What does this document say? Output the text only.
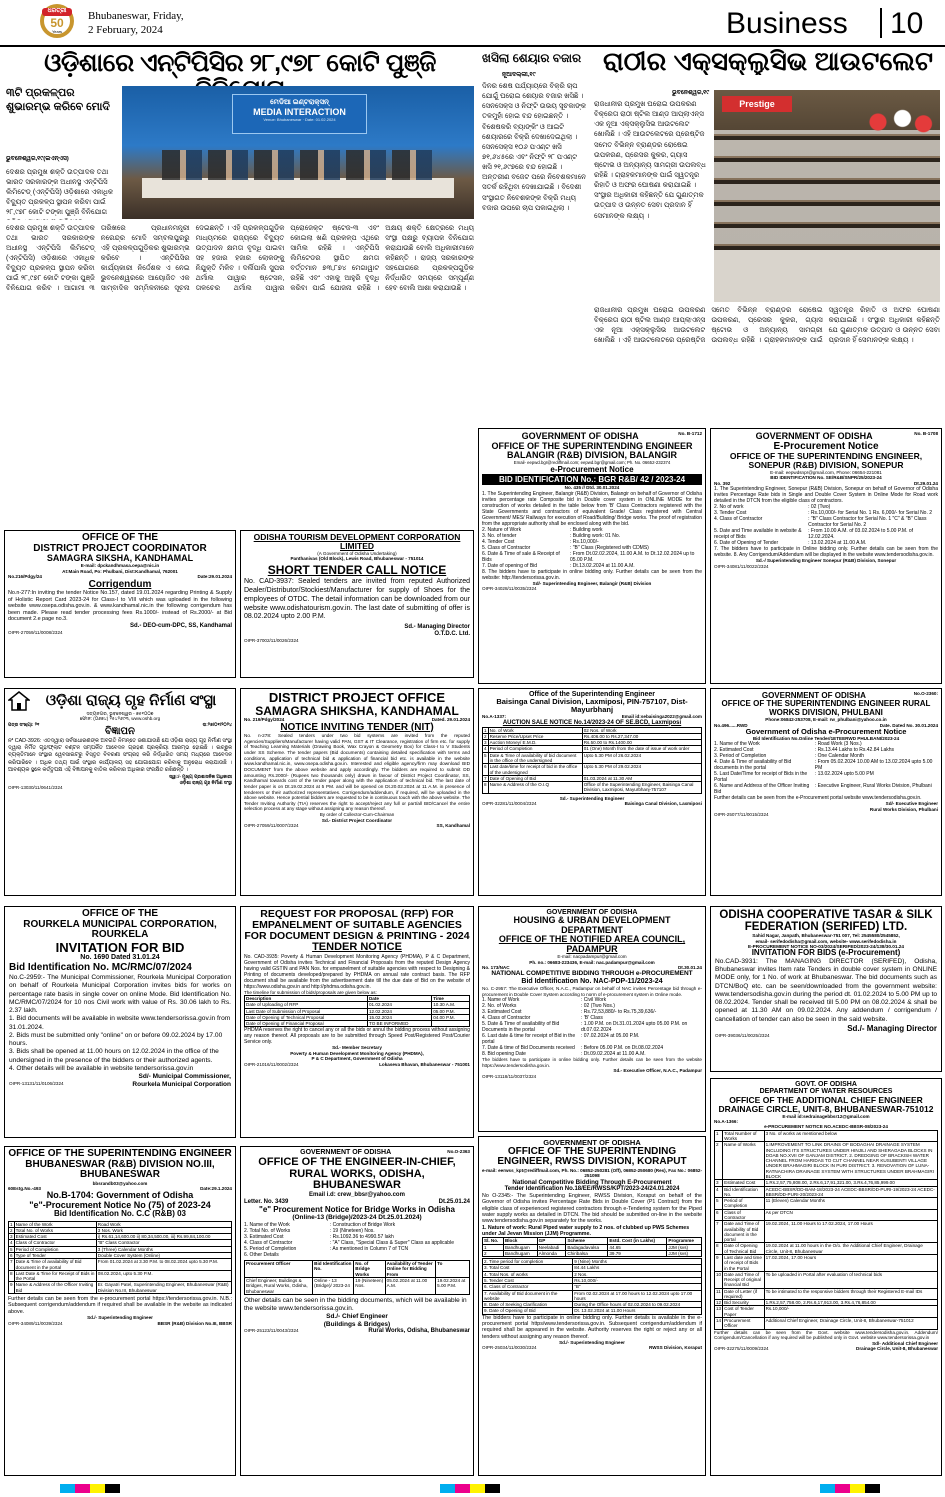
ଧରିତ୍ରୀ
50
Years
Bhubaneswar, Friday,
2 February, 2024	Business	10
ଓଡ଼ିଶାରେ ଏନ୍‌ଟିପିସିର ୨୮,୯୭୮ କୋଟି ପୁଞ୍ଜି
୩ଟି ପ୍ରକଳ୍ପର ଶୁଭାରମ୍ଭ କରିବେ ମୋଦି
ଭୁବନେଶ୍ୱର,୧୯(ଇଏନ୍‌ଏସ)
ମେଡିଆ ଇଣ୍ଟରାକ୍ସନ୍
MEDIA INTERACTION
Venue: Bhubaneswar · Date: 01.02.2024
ଦେଶର ପ୍ରମୁଖ ଶକ୍ତି ଉତ୍ପାଦକ ତଥା ଭାରତ ସରକାରଙ୍କ ଅଧୀନସ୍ଥ ଏନ୍‌ଟିପିସି ଲିମିଟେଡ୍ (ଏନ୍‌ଟିପିସି) ଓଡ଼ିଶାରେ ଏକାଧିକ ବିଦ୍ୟୁତ ପ୍ରକଳ୍ପ ସ୍ଥାପନ କରିବା ପାଇଁ ୨୮,୯୭୮ କୋଟି ଟଙ୍କା ପୁଞ୍ଜି ବିନିଯୋଗ କରିବ । ଆଗାମୀ ୩ ତାରିଖରେ ପ୍ରଧାନମନ୍ତ୍ରୀ ନରେନ୍ଦ୍ର ମୋଦି ସମ୍ବଲପୁରରୁ ଏହି ପ୍ରକଳ୍ପଗୁଡ଼ିକର ଶୁଭାରମ୍ଭ କରିବେ । ଏନ୍‌ଟିପିସିର କାର୍ଯ୍ୟକାରୀ ନିର୍ଦ୍ଦେଶକ ଏ ନେଇ ଭୁବନେଶ୍ୱରରେ ଆୟୋଜିତ ଏକ ସାମ୍ବାଦିକ ସମ୍ମିଳନୀରେ ସୂଚନା ଦେଇଛନ୍ତି । ଏହି ପ୍ରକଳ୍ପଗୁଡ଼ିକ ମାଧ୍ୟମରେ ରାଜ୍ୟରେ ବିଦ୍ୟୁତ ଉତ୍ପାଦନ କ୍ଷମତା ବୃଦ୍ଧି ପାଇବା ସହ ହଜାର ହଜାର ଲୋକଙ୍କୁ ନିଯୁକ୍ତି ମିଳିବ । ଦର୍ଲିପାଲି ସୁପର ଥର୍ମାଲ ପାୱାର ଷ୍ଟେସନ, ତାଳଚେର ଥର୍ମାଲ ପାୱାର ପ୍ରୋଜେକ୍ଟ ଷ୍ଟେଜ-୩ ଏବଂ କୋଇଲା ଖଣି ପ୍ରକଳ୍ପ ଏଥିରେ ସାମିଲ ରହିଛି । ଏନ୍‌ଟିପିସି ଲିମିଟେଡର ସ୍ଥାପିତ କ୍ଷମତା ବର୍ତ୍ତମାନ ୭୩,୮୭୪ ମେଗାୱାଟ ରହିଛି ଏବଂ ଏହାକୁ ଆହୁରି ବୃଦ୍ଧି କରିବା ପାଇଁ ଯୋଜନା ରହିଛି । ଅକ୍ଷୟ ଶକ୍ତି କ୍ଷେତ୍ରରେ ମଧ୍ୟ ସଂସ୍ଥା ପକ୍ଷରୁ ବ୍ୟାପକ ବିନିଯୋଗ କରାଯାଉଛି ବୋଲି ଅଧିକାରୀମାନେ କହିଛନ୍ତି । ରାଜ୍ୟ ସରକାରଙ୍କ ସହଯୋଗରେ ପ୍ରକଳ୍ପଗୁଡ଼ିକ ନିର୍ଦ୍ଧାରିତ ସମୟରେ ସମ୍ପୂର୍ଣ୍ଣ ହେବ ବୋଲି ଆଶା କରାଯାଉଛି ।
ଦେଶର ପ୍ରମୁଖ ଶକ୍ତି ଉତ୍ପାଦକ ତଥା ଭାରତ ସରକାରଙ୍କ ଅଧୀନସ୍ଥ ଏନ୍‌ଟିପିସି ଲିମିଟେଡ୍ (ଏନ୍‌ଟିପିସି) ଓଡ଼ିଶାରେ ଏକାଧିକ ବିଦ୍ୟୁତ ପ୍ରକଳ୍ପ ସ୍ଥାପନ କରିବା ପାଇଁ ୨୮,୯୭୮ କୋଟି ଟଙ୍କା ପୁଞ୍ଜି ବିନିଯୋଗ
ଖସିଲା ଶେୟାର ବଜାର
ନୂଆଦିଲ୍ଲୀ,୧୯
ଦିନର ଶେଷ ପର୍ଯ୍ୟାୟରେ ବିକ୍ରି ଚାପ ଯୋଗୁଁ ଘରୋଇ ଶେୟାର ବଜାର ଖସିଛି । ସେନସେକ୍ସ ଓ ନିଫ୍ଟି ଉଭୟ ସୂଚକାଙ୍କ ତଳମୁହାଁ ହୋଇ ବନ୍ଦ ହୋଇଛନ୍ତି । ବିଶେଷକରି ବ୍ୟାଙ୍କିଂ ଓ ଆଇଟି ଶେୟାରରେ ବିକ୍ରି ଦେଖାଦେଇଥିଲା । ସେନସେକ୍ସ ୧୦୬ ପଏଣ୍ଟ ଖସି ୭୧,୬୪୫ରେ ଏବଂ ନିଫ୍ଟି ୨୮ ପଏଣ୍ଟ ଖସି ୨୧,୬୯୭ରେ ବନ୍ଦ ହୋଇଛି । ଅନ୍ତରୀଣ ବଜେଟ ପରେ ନିବେଶକମାନେ ସତର୍କ ରହିଥିବା ଦେଖାଯାଇଛି । ବିଦେଶୀ ସଂସ୍ଥାଗତ ନିବେଶକଙ୍କ ବିକ୍ରି ମଧ୍ୟ ବଜାର ଉପରେ ଚାପ ପକାଇଥିଲା ।
ରାଠୀର ଏକ୍ସକ୍ଲୁସିଭ ଆଉଟଲେଟ
ଭୁବନେଶ୍ୱର,୧୯
Prestige
ରାଜଧାନୀର ପ୍ରମୁଖ ଘରୋଇ ଉପକରଣ ବିକ୍ରେତା ରାଠୀ ଷ୍ଟିଲ ଆଣ୍ଡ ଆପ୍ଲାଏନ୍ସ ଏକ ନୂଆ ଏକ୍ସକ୍ଲୁସିଭ ଆଉଟଲେଟ ଖୋଲିଛି । ଏହି ଆଉଟଲେଟରେ ପ୍ରେଷ୍ଟିଜ ସମେତ ବିଭିନ୍ନ ବ୍ରାଣ୍ଡର ରୋଷେଇ ଉପକରଣ, ପ୍ରେସର କୁକର, ଗ୍ୟାସ ଷ୍ଟୋଭ ଓ ଅନ୍ୟାନ୍ୟ ସାମଗ୍ରୀ ଉପଲବ୍ଧ ରହିଛି । ଗ୍ରାହକମାନଙ୍କ ପାଇଁ ସ୍ୱତନ୍ତ୍ର ରିହାତି ଓ ଅଫର ଘୋଷଣା କରାଯାଇଛି । ସଂସ୍ଥାର ଅଧିକାରୀ କହିଛନ୍ତି ଯେ ଗୁଣାତ୍ମକ ଉତ୍ପାଦ ଓ ଉନ୍ନତ ସେବା ପ୍ରଦାନ ହିଁ ସେମାନଙ୍କ ଲକ୍ଷ୍ୟ ।
ରାଜଧାନୀର ପ୍ରମୁଖ ଘରୋଇ ଉପକରଣ ବିକ୍ରେତା ରାଠୀ ଷ୍ଟିଲ ଆଣ୍ଡ ଆପ୍ଲାଏନ୍ସ ଏକ ନୂଆ ଏକ୍ସକ୍ଲୁସିଭ ଆଉଟଲେଟ ଖୋଲିଛି । ଏହି ଆଉଟଲେଟରେ ପ୍ରେଷ୍ଟିଜ ସମେତ ବିଭିନ୍ନ ବ୍ରାଣ୍ଡର ରୋଷେଇ ଉପକରଣ, ପ୍ରେସର କୁକର, ଗ୍ୟାସ ଷ୍ଟୋଭ ଓ ଅନ୍ୟାନ୍ୟ ସାମଗ୍ରୀ ଉପଲବ୍ଧ ରହିଛି । ଗ୍ରାହକମାନଙ୍କ ପାଇଁ ସ୍ୱତନ୍ତ୍ର ରିହାତି ଓ ଅଫର ଘୋଷଣା କରାଯାଇଛି । ସଂସ୍ଥାର ଅଧିକାରୀ କହିଛନ୍ତି ଯେ ଗୁଣାତ୍ମକ ଉତ୍ପାଦ ଓ ଉନ୍ନତ ସେବା ପ୍ରଦାନ ହିଁ ସେମାନଙ୍କ ଲକ୍ଷ୍ୟ ।
GOVERNMENT OF ODISHA	No. B-1712
OFFICE OF THE SUPERINTENDING ENGINEER
BALANGIR (R&B) DIVISION, BALANGIR
Email- eepwd.bgr@rediffmail.com; eepwd.bgr@gmail.com; Ph. No. 06652-232374
e-Procurement Notice
BID IDENTIFICATION No.: BGR R&B/ 42 / 2023-24
No. 435 // Dtd. 30.01.2024
1. The Superintending Engineer, Balangir (R&B) Division, Balangir on behalf of Governor of Odisha invites percentage rate Composite bid in Double cover system in ONLINE MODE for the construction of works detailed in the table below from 'B' Class Contractors registered with the State Governments and contractors of equivalent Grade/ Class registered with Central Government/ MES/ Railways for execution of Road/Building/ Bridge works. The proof of registration from the appropriate authority shall be enclosed along with the bid.
2. Nature of Work	: Building work
3. No. of tender	: Building work: 01 No.
4. Tender Cost	: Rs.10,000/-
5. Class of Contractor	: "B" Class (Registered with CDMS)
6. Date & Time of sale & Receipt of Bids
: From Dt.02.02.2024, 11.00 A.M. to Dt.12.02.2024 up to 05.00 P.M.
7. Date of opening of Bid	: Dt.13.02.2024 at 11.00 A.M.
8. The bidders have to participate in online bidding only. Further details can be seen from the website: http://tendersorissa.gov.in.
Sd/- Superintending Engineer, Balangir (R&B) Division
OIPR-34028/11/0035/2324
GOVERNMENT OF ODISHA	No. B-1708
E-Procurement Notice
OFFICE OF THE SUPERINTENDING ENGINEER, SONEPUR (R&B) DIVISION, SONEPUR
E-mail: eepwdsnpr@gmail.com, Phone: 06654-221081
BID IDENTIFICATION No. SE/R&B/SNPR/25/2023-24
No. 392	Dt.29.01.24
1. The Superintending Engineer, Sonepur (R&B) Division, Sonepur on behalf of Governor of Odisha invites Percentage Rate bids in Single and Double Cover System in Online Mode for Road work detailed in the DTCN from the eligible class of contractors.
2. No of work	: 02 (Two)
3. Tender Cost	: Rs.10,000/- for Serial No. 1 Rs. 6,000/- for Serial No. 2
4. Class of Contractor	: "B" Class Contractor for Serial No. 1 "C" & "B" Class Contractor for Serial No. 2
5. Date and Time available in website & receipt of Bids
: From 10.00 A.M. of 03.02.2024 to 5.00 P.M. of 12.02.2024.
6. Date of Opening of Tender	: 13.02.2024 at 11.00 A.M.
7. The bidders have to participate in Online bidding only. Further details can be seen from the website. 8. Any Corrigendum/Addendum will be displayed in the website www.tendersodisha.gov.in.
Sd.-/ Superintending Engineer Sonepur (R&B) Division, Sonepur
OIPR-34081/11/0022/2324
OFFICE OF THE
DISTRICT PROJECT COORDINATOR
SAMAGRA SIKSHA, KANDHAMAL
E-mail: dpckandhmasa.oepa@nic.in
At:Main Road, Po: Phulbani, Dist:Kandhamal, 762001
No.216/Pdgy/24	Date:29.01.2024
Corrigendum
No.n-277:In inviting the tender Notice No.157, dated 19.01.2024 regarding Printing & Supply of Holistic Report Card 2023-24 for Class-I to VIII which was uploaded in the following website www.osepa.odisha.gov.in. & www.kandhamal.nic.in the following corrigendum has been made. Please read tender processing fees Rs.1000/- instead of Rs.2000/- at Bid document 2.e page no.3.
Sd.- DEO-cum-DPC, SS, Kandhamal
OIPR-27059/11/0008/2324
ODISHA TOURISM DEVELOPMENT CORPORATION LIMITED
(A Government of Odisha Undertaking)
Panthanivas (Old Block), Lewis Road, Bhubaneswar - 751014
SHORT TENDER CALL NOTICE
No. CAD-3937: Sealed tenders are invited from reputed Authorized Dealer/Distributor/Stockiest/Manufacturer for supply of Shoes for the employees of OTDC. The detail information can be downloaded from our website www.odishatourism.gov.in. The last date of submitting of offer is 08.02.2024 upto 2.00 P.M.
Sd.- Managing Director
O.T.D.C. Ltd.
OIPR-37002/11/0026/2324
ଓଡ଼ିଶା ରାଜ୍ୟ ଗୃହ ନିର୍ମାଣ ସଂସ୍ଥା
ସତ୍ୟନଗର, ଭୁବନେଶ୍ୱର - ୭୫୧୦୦୭
ଫୋନ: (୦୬୭୪) ୨୫୪୨୬୯୩, www.oshb.org
ପତ୍ର ସଂଖ୍ୟା: ୨୧	ତା:୨୭/୦୧/୨୦୨୪
ବିଜ୍ଞାପନ
ନଂ CAD-3926: ଏତଦ୍ୱାରା ସର୍ବସାଧାରଣଙ୍କ ଅବଗତି ନିମନ୍ତେ ଜଣାଯାଉଛି ଯେ ଓଡ଼ିଶା ରାଜ୍ୟ ଗୃହ ନିର୍ମାଣ ସଂସ୍ଥା ଦ୍ୱାରା ନିର୍ମିତ ଗୃହ/ଫ୍ଲାଟ ବଣ୍ଟନ ସମ୍ପର୍କିତ ଆବେଦନ ଗ୍ରହଣ ପ୍ରକ୍ରିୟା ଆରମ୍ଭ ହୋଇଛି । ଇଚ୍ଛୁକ ବ୍ୟକ୍ତିମାନେ ସଂସ୍ଥାର ୱେବସାଇଟରୁ ବିସ୍ତୃତ ବିବରଣୀ ସଂଗ୍ରହ କରି ନିର୍ଦ୍ଧାରିତ ସମୟ ମଧ୍ୟରେ ଆବେଦନ କରିପାରିବେ । ଅଧିକ ତଥ୍ୟ ପାଇଁ ସଂସ୍ଥାର କାର୍ଯ୍ୟାଳୟ ସହ ଯୋଗାଯୋଗ କରିବାକୁ ଅନୁରୋଧ କରାଯାଉଛି । ଆବଶ୍ୟକ ସ୍ଥଳେ କର୍ତ୍ତୃପକ୍ଷ ଏହି ବିଜ୍ଞାପନକୁ ବାତିଲ କରିବାର ଅଧିକାର ସଂରକ୍ଷିତ ରଖିଛନ୍ତି ।
ସ୍ୱା:/- ମୁଖ୍ୟ ପ୍ରଶାସନିକ ଅଧିକାରୀ
ଓଡ଼ିଶା ରାଜ୍ୟ ଗୃହ ନିର୍ମାଣ ସଂସ୍ଥା
OIPR-13030/11/0641/2324
DISTRICT PROJECT OFFICE
SAMAGRA SHIKSHA, KANDHAMAL
No. 219/Pdgy/2024	Dated. 29.01.2024
NOTICE INVITING TENDER (NIT)
No. n-278: Sealed tenders under two bid systems are invited from the reputed Agencies/Suppliers/Manufacturer having valid PAN, GST & IT Clearance, registration of firm etc. for supply of Teaching Learning Materials (Drawing Book, Wax Crayon & Geometry Box) for Class-I to V Students under SS Scheme. The tender papers (Bid documents) containing detailed specification with terms and conditions, application of technical bid & application of financial bid etc. is available in the website www.kandhamal.nic.in, www.osepa.odisha.gov.in. Interested and eligible agency/firm may download BID DOCUMENT from the above website and apply accordingly. The bidders are required to submit DD amounting Rs.2000/- (Rupees two thousands only) drawn in favour of District Project Coordinator, SS, Kandhamal towards cost of the tender paper along with the application of technical bid. The last date of tender paper is on Dt.19.02.2024 at 5 PM. and will be opened on Dt.20.02.2024 at 11 A.M. in presence of tenderers or their authorized representatives. Corrigendum/addendum, if required, will be uploaded in the above website. Hence potential bidders are requested to be in continuous touch with the above website. The Tender Inviting Authority (TIA) reserves the right to accept/reject any full or part/all BID/Cancel the entire selection process at any stage without assigning any reason thereof.
By order of Collector-Cum-Chairman
Sd.- District Project Coordinator
OIPR-27059/11/0007/2324	SS, Kandhamal
Office of the Superintending Engineer
Baisinga Canal Division, Laxmiposi, PIN-757107, Dist-Mayurbhanj
No.A-1337:	Email id:sebaisinga2022@gmail.com
AUCTION SALE NOTICE No.14/2023-24 OF SE.BCD, Laxmiposi
1	No. of Work	02 Nos. of Work
2	Reserve Price/Upset Price	Rs.406.00 to Rs.27,347.00
3	Auction Money/ E.M.D.	Rs.50.00 to Rs.1400.00
4	Period of Completion	01 (One) Month from the date of issue of work order
5	Date & Time of availability of bid document in the office of the undersigned	Upto 5.30 PM of 26.02.2024
6	Last date/time for receipt of bid in the office of the undersigned	Upto 5.30 PM of 29.02.2024
7	Date of Opening of Bid	01.03.2024 at 11.30 AM
8	Name & Address of the O.I.Q	Office of the Superintending Engineer, Baisinga Canal Division, Laxmiposi, Mayurbhanj-757107
Sd.- Superintending Engineer
OIPR-32281/11/0004/2324	Baisinga Canal Division, Laxmiposi
GOVERNMENT OF ODISHA	No.O-2360:
OFFICE OF THE SUPERINTENDING ENGINEER RURAL WORKS DIVISION, PHULBANI
Phone:06842-253708, E-mail: rw_phulbani@yahoo.co.in
No.496......RWD	Date. Dated No. 30.01.2024
Government of Odisha e-Procurement Notice
Bid Identification No.Online Tender/1ETEERWD PHULBANI/2023-24
1. Name of the Work	: Road Work (3 Nos.)
2. Estimated Cost	: Rs.13.44 Lakhs to Rs.42.84 Lakhs
3. Period of Completion	: One Calendar Month
4. Date & Time of availability of Bid documents in the portal
: From 05.02.2024 10.00 AM to 13.02.2024 upto 5.00 PM
5. Last Date/Time for receipt of Bids in the Portal
: 13.02.2024 upto 5.00 PM
6. Name and Address of the Officer Inviting Bid
: Executive Engineer, Rural Works Division, Phulbani
Further details can be seen from the e-Procurement portal website www.tendersodisha.gov.in.
Sd/- Executive Engineer
Rural Works Division, Phulbani
OIPR-25077/11/0015/2324
OFFICE OF THE
ROURKELA MUNICIPAL CORPORATION, ROURKELA
INVITATION FOR BID
No. 1690 Dated 31.01.24
Bid Identification No. MC/RMC/07/2024
No.C-2959:- The Municipal Commissioner, Rourkela Municipal Corporation on behalf of Rourkela Municipal Corporation invites bids for works on percentage rate basis in single cover on online Mode. Bid Identification No. MC/RMC/07/2024 for 10 nos Civil work with value of Rs. 30.06 lakh to Rs. 2.37 lakh.
1. Bid documents will be available in website www.tendersorissa.gov.in from 31.01.2024.
2. Bids must be submitted only "online" on or before 09.02.2024 by 17.00 hours.
3. Bids shall be opened at 11.00 hours on 12.02.2024 in the office of the undersigned in the presence of the bidders or their authorized agents.
4. Other details will be available in website tendersorissa.gov.in
Sd/- Municipal Commissioner,
OIPR-13131/11/0106/2324	Rourkela Municipal Corporation
REQUEST FOR PROPOSAL (RFP) FOR EMPANELMENT OF SUITABLE AGENCIES FOR DOCUMENT DESIGN & PRINTING - 2024
TENDER NOTICE
No. CAD-3935: Poverty & Human Development Monitoring Agency (PHDMA), P & C Department, Government of Odisha invites Technical and Financial Proposals from the reputed Design Agency having valid GSTIN and PAN Nos. for empanelment of suitable agencies with respect to Designing & Printing of documents developed/prepared by PHDMA on annual rate contract basis. The RFP document shall be available from the advertisement date till the due date of Bid on the website of https://www.odisha.gov.in and http://phdma.odisha.gov.in.
The timeline for submission of bids/proposals are given below as:
Description	Date	Time
Date of Uploading of RFP	01.02.2024	10.30 A.M.
Last Date of Submission of Proposal	12.02.2024	05.00 P.M.
Date of Opening of Technical Proposal	15.02.2024	04.00 P.M.
Date of Opening of Financial Proposal	TO BE INFORMED	
PHDMA reserves the right to cancel any or all the bids or annul the bidding process without assigning any reason thereof. All proposals are to be submitted through Speed Post/Registered Post/Courier Service only.
Sd.- Member Secretary
Poverty & Human Development Monitoring Agency (PHDMA),
P & C Department, Government of Odisha
OIPR-21016/11/0002/2324	Lokaseva Bhavan, Bhubaneswar - 751001
GOVERNMENT OF ODISHA
HOUSING & URBAN DEVELOPMENT DEPARTMENT
OFFICE OF THE NOTIFIED AREA COUNCIL, PADAMPUR
E-mail: nacpadampur@gmail.com
Ph. no.: 06683-223436, E-mail: nac.padampur@gmail.com
No. 173/NAC	Dt.30.01.24
NATIONAL COMPETITIVE BIDDING THROUGH e-PROCUREMENT
Bid Identification No. NAC-PDP-11/2023-24
No. C-2957: The Executive Officer, N.A.C., Padampur on behalf of NAC invites Percentage bid through e-procurement in Double Cover System according to norm of e-procurement system in Online mode.
1. Name of Work	: Civil Work
2. No. of Works	: 02 (Two Nos.)
3. Estimated Cost	: Rs.72,53,880/- to Rs.75,39,636/-
4. Class of Contractor	: 'B' Class
5. Date & Time of availability of Bid Documents in the portal
: 1.00 P.M. on Dt.31.01.2024 upto 05.00 P.M. on dt.07.02.2024
6. Last date & time for receipt of Bid in the portal
: 07.02.2024 at 05.00 P.M.
7. Date & time of Bid Documents received	: Before 05.00 P.M. on Dt.08.02.2024
8. Bid opening Date	: Dt.09.02.2024 at 11.00 A.M.
The bidders have to participate in online bidding only. Further details can be seen from the website https://www.tendersodisha.gov.in.
Sd.- Executive Officer, N.A.C., Padampur
OIPR-13118/11/0037/2324
ODISHA COOPERATIVE TASAR & SILK FEDERATION (SERIFED) LTD.
Sahid Nagar, Janpath, Bhubaneswar-751 007, Tel: 2545580/2545852,
email- serifedodisha@gmail.com, website- www.serifedodisha.in
E-PROCUREMENT NOTICE NO-03/2024/SERIFED/2023-24/138/30.01.24
INVITATION FOR BIDS (e-Procurement)
No.CAD-3931: The MANAGING DIRECTOR (SERIFED), Odisha, Bhubaneswar invites Item rate Tenders in double cover system in ONLINE MODE only, for 1 No. of work at Bhubaneswar. The bid documents such as DTCN/BoQ etc. can be seen/downloaded from the government website: www.tendersodisha.gov.in during the period dt. 01.02.2024 to 5.00 PM up to 08.02.2024. Tender shall be received till 5.00 PM on 08.02.2024 & shall be opened at 11.30 AM on 09.02.2024. Any addendum / corrigendum / cancellation of tender can also be seen in the said website.
Sd./- Managing Director
OIPR-39036/11/0025/2324
OFFICE OF THE SUPERINTENDING ENGINEER BHUBANESWAR (R&B) DIVISION NO.III, BHUBANESWAR
bbsrandb03@yahoo.com
60Estg.No.-493	Date:29.1.2024
No.B-1704: Government of Odisha
"e"-Procurement Notice No (75) of 2023-24
Bid Identification No. C.C (R&B) 03
1	Name of the Work	Road Work
2	Total No. of Works	3 Nos. Work
3	Estimated Cost	i) Rs.61,14,600.00 ii) 80,34,500.00, iii) Rs.99,84,100.00
4	Class of Contractor	"B" Class Contractor
5	Period of Completion	3 (Three) Calendar Months
6	Type of Tender	Double Cover System (Online)
7	Date & Time of availability of Bid document in the portal	From 01.02.2024 at 3.30 P.M. to 08.02.2024 upto 5.30 P.M.
8	Last Date & Time for Receipt of Bids in the Portal	08.02.2024, upto 5.30 P.M.
9	Name & Address of the Officer Inviting Bid	Er. Gayatri Patel, Superintending Engineer, Bhubaneswar (R&B) Division No.III, Bhubaneswar
Further details can be seen from the e-procurement portal https://tendersorissa.gov.in. N.B.: Subsequent corrigendum/addendum if required shall be available in the website as indicated above.
Sd./- Superintending Engineer
OIPR-34089/11/0039/2324	BBSR (R&B) Division No.III, BBSR
GOVERNMENT OF ODISHA	No.O-2363
OFFICE OF THE ENGINEER-IN-CHIEF, RURAL WORKS, ODISHA, BHUBANESWAR
Email i.d: crew_bbsr@yahoo.com
Letter. No. 3439	Dt.25.01.24
"e" Procurement Notice for Bridge Works in Odisha
(Online-13 (Bridge)/2023-24 Dt.25.01.2024)
1. Name of the Work	: Construction of Bridge Work
2. Total No. of Works	: 19 (Nineteen) Nos.
3. Estimated Cost	: Rs.1092.36 to 4990.57 lakh
4. Class of Contractor	: "A" Class, "Special Class & Super" Class as applicable
5. Period of Completion	: As mentioned in Column 7 of TCN
6. Other Details
Procurement Officer	Bid Identification No.	No. of Bridge Works	Availability of Tender Online for Bidding From	To
Chief Engineer, Buildings & Bridges, Rural Works, Odisha, Bhubaneswar	Online - 13 (Bridge)/ 2023-24	19 (Nineteen) Nos.	05.02.2024 at 11.00 A.M.	19.02.2024 at 5.00 P.M.
Other details can be seen in the bidding documents, which will be available in the website www.tendersorissa.gov.in.
Sd./- Chief Engineer
(Buildings & Bridges)
OIPR-25123/11/0043/2324	Rural Works, Odisha, Bhubaneswar
GOVERNMENT OF ODISHA
OFFICE OF THE SUPERINTENDING ENGINEER, RWSS DIVISION, KORAPUT
e-mail: eerwss_kpt@rediffmail.com, Ph. No.: 06852-250281 (Off), 06852-250680 (Res), Fax No.: 06852-251098
National Competitive Bidding Through E-Procurement
Tender Identification No.18/EE/RWSS/KPT/2023-24/24.01.2024
No O-2345:- The Superintending Engineer, RWSS Division, Koraput on behalf of the Governor of Odisha invites Percentage Rate Bids in Double Cover (P1 Contract) from the eligible class of experienced registered contractors through e-Tendering system for the Piped water supply works as detailed in DTCN. The bid should be submitted on-line in the website www.tendersodisha.gov.in separately for the works.
1. Nature of work: Rural Piped water supply to 2 nos. of clubbed up PWS Schemes under Jal Jevan Mission (JJM) Programme.
Sl. No.	Block	GP	Scheme	Estd. Cost (in Lakhs)	Programme
1	Bandhugam	Neelabadi	Badagadavalsa	44.65	JJM (svs)
2	Bandhugam	Almonda	Chiribalsa	39.79	JJM (svs)
2. Time period for completion	9 (Nine) Months
3. Total Cost	84.44 Lakhs
4. Total Nos. of works	2 Nos.
5. Tender Cost	Rs.10,000/-
6. Class of Contractor	"B"
7. Availability of Bid document in the website	From 02.02.2024 at 17.00 hours to 12.02.2024 upto 17.00 hours
8. Date of Seeking Clarification	During the Office hours of 02.02.2024 to 09.02.2024
9. Date of Opening of Bid	Dt. 13.02.2024 at 11.00 Hours
The bidders have to participate in online bidding only. Further details is available in the e-procurement portal https/www.tendersorissa.gov.in. Subsequent corrigendum/addendum if required shall be appeared in the website. Authority reserves the right or reject any or all tenders without assigning any reason thereof.
Sd./- Superintending Engineer
OIPR-25034/11/0030/2324	RWSS Division, Koraput
GOVT. OF ODISHA
DEPARTMENT OF WATER RESOURCES
OFFICE OF THE ADDITIONAL CHIEF ENGINEER DRAINAGE CIRCLE, UNIT-8, BHUBANESWAR-751012
E-mail id:sedrainagebbsr12@gmail.com
No.A-1366:
e-PROCUREMENT NOTICE NO.ACEDC-BBSR-08/2023-24
1	Total Number of Works	3 No. of works as mentioned below
2	Name of Works	1.IMPROVEMENT TO LINK DRAINS OF BODAGHAI DRAINAGE SYSTEM INCLUDING ITS STRUCTURES UNDER HINJILI AND SHERAGADA BLOCKS IN DOAB NO.XVII OF GANJAM DISTRICT. 2. DREDGING OF BRACKISH WATER CHANNEL FROM HARIDAS TO CUT CHANNEL NEAR KUSUBENTI VILLAGE UNDER BRAHMAGIRI BLOCK IN PURI DISTRICT. 3. RENOVATION OF LUNA-RATNACHIRA DRAINAGE SYSTEM WITH STRUCTURES UNDER BRAHMAGIRI BLOCK
3	Estimated Cost	1.Rs.2,57,75,808.00, 2.Rs.6,17,91,321.00, 3.Rs.4,76,85,999.00
4	Bid Identification No.	ACEDC-BBSR/DD-BAM-18/2023-24 ACEDC-BBSR/DD-PURI-19/2023-24 ACEDC-BBSR/DD-PURI-20/2023-24
5	Period of Completion	11 (Eleven) Calendar Months
6	Class of Contractor	As per DTCN
7	Date and Time of availability of Bid document in the portal	19.02.2024, 11.00 Hours to 17.02.2024, 17.00 Hours
8	Date of Opening of Technical Bid	19.02.2024 at 11.00 hours in the O/o. the Additional Chief Engineer, Drainage Circle, Unit-8, Bhubaneswar
9	Last date and time of receipt of Bids in the Portal	17.02.2024, 17.00 Hours
10	Date and Time of Receipt of original financial Bid	To be uploaded in Portal after evaluation of technical bids
11	Date of Letter (if required)	To be intimated to the responsive bidders through their Registered E-mail IDs
12	Bid Security	1.Rs.2,57,758.00, 2.Rs.6,17,913.00, 3.Rs.4,76,854.00
13	Cost of Tender Paper	Rs.10,000/-
14	Procurement Officer	Additional Chief Engineer, Drainage Circle, Unit-8, Bhubaneswar-751012
Further details can be seen from the Govt. website www.tendersodisha.gov.in. Addendum/ Corrigendum/Cancellation if any required will be published only in Govt. website www.tendersorissa.gov.in
Sd/- Additional Chief Engineer
OIPR-32275/11/0009/2324	Drainage Circle, Unit-8, Bhubaneswar
